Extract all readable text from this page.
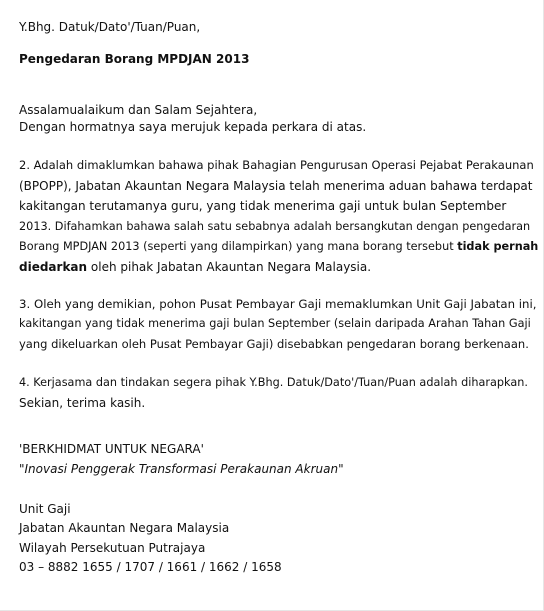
Y.Bhg. Datuk/Dato'/Tuan/Puan,
Pengedaran Borang MPDJAN 2013
Assalamualaikum dan Salam Sejahtera,
Dengan hormatnya saya merujuk kepada perkara di atas.
2. Adalah dimaklumkan bahawa pihak Bahagian Pengurusan Operasi Pejabat Perakaunan
(BPOPP), Jabatan Akauntan Negara Malaysia telah menerima aduan bahawa terdapat
kakitangan terutamanya guru, yang tidak menerima gaji untuk bulan September
2013. Difahamkan bahawa salah satu sebabnya adalah bersangkutan dengan pengedaran
Borang MPDJAN 2013 (seperti yang dilampirkan) yang mana borang tersebut tidak pernah
diedarkan oleh pihak Jabatan Akauntan Negara Malaysia.
3. Oleh yang demikian, pohon Pusat Pembayar Gaji memaklumkan Unit Gaji Jabatan ini,
kakitangan yang tidak menerima gaji bulan September (selain daripada Arahan Tahan Gaji
yang dikeluarkan oleh Pusat Pembayar Gaji) disebabkan pengedaran borang berkenaan.
4. Kerjasama dan tindakan segera pihak Y.Bhg. Datuk/Dato'/Tuan/Puan adalah diharapkan.
Sekian, terima kasih.
'BERKHIDMAT UNTUK NEGARA'
"Inovasi Penggerak Transformasi Perakaunan Akruan"
Unit Gaji
Jabatan Akauntan Negara Malaysia
Wilayah Persekutuan Putrajaya
03 – 8882 1655 / 1707 / 1661 / 1662 / 1658
